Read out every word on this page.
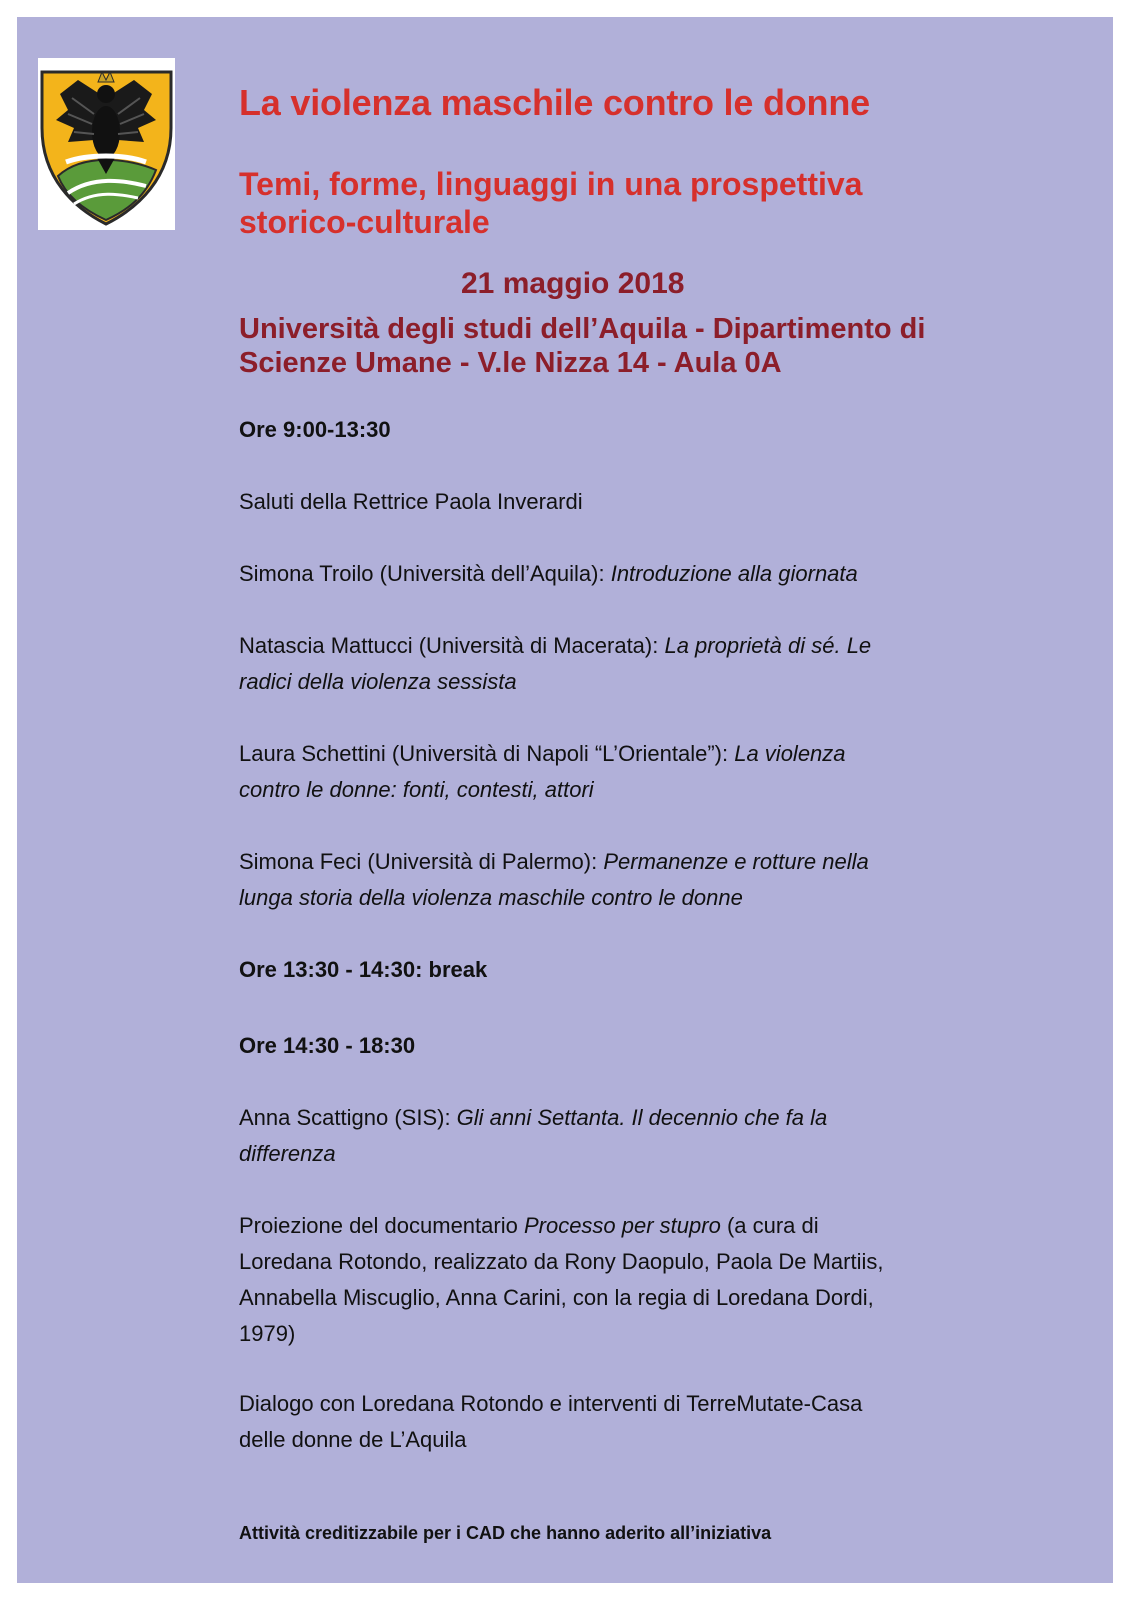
La violenza maschile contro le donne
Temi, forme, linguaggi in una prospettiva
storico-culturale

21 maggio 2018

Università degli studi dell’Aquila - Dipartimento di
Scienze Umane - V.le Nizza 14 - Aula 0A

Ore 9:00-13:30

Saluti della Rettrice Paola Inverardi

Simona Troilo (Università dell’Aquila): Introduzione alla giornata

Natascia Mattucci (Università di Macerata): La proprietà di sé. Le
radici della violenza sessista

Laura Schettini (Università di Napoli “L’Orientale”): La violenza
contro le donne: fonti, contesti, attori

Simona Feci (Università di Palermo): Permanenze e rotture nella
lunga storia della violenza maschile contro le donne

Ore 13:30 - 14:30: break

Ore 14:30 - 18:30

Anna Scattigno (SIS): Gli anni Settanta. Il decennio che fa la
differenza

Proiezione del documentario Processo per stupro (a cura di
Loredana Rotondo, realizzato da Rony Daopulo, Paola De Martiis,
Annabella Miscuglio, Anna Carini, con la regia di Loredana Dordi,
1979)

Dialogo con Loredana Rotondo e interventi di TerreMutate-Casa
delle donne de L’Aquila

Attività creditizzabile per i CAD che hanno aderito all’iniziativa
